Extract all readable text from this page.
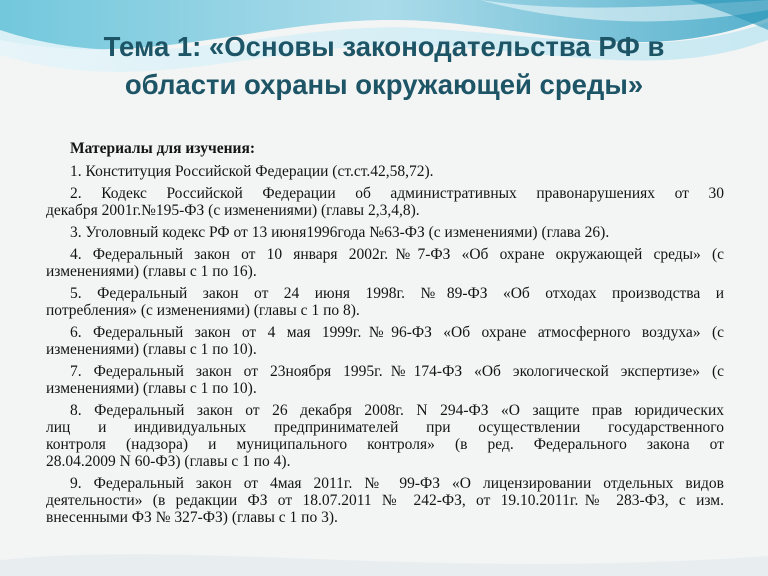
Тема 1: «Основы законодательства РФ в
области охраны окружающей среды»

Материалы для изучения:

1. Конституция Российской Федерации (ст.ст.42,58,72).
2. Кодекс Российской Федерации об административных правонарушениях от 30
декабря 2001г.№195-ФЗ (с изменениями) (главы 2,3,4,8).
3. Уголовный кодекс РФ от 13 июня1996года №63-ФЗ (с изменениями) (глава 26).
4. Федеральный закон от 10 января 2002г.№7-ФЗ «Об охране окружающей среды» (с
изменениями) (главы с 1 по 16).
5. Федеральный закон от 24 июня 1998г. №89-ФЗ «Об отходах производства и
потребления» (с изменениями) (главы с 1 по 8).
6. Федеральный закон от 4 мая 1999г.№96-ФЗ «Об охране атмосферного воздуха» (с
изменениями) (главы с 1 по 10).
7. Федеральный закон от 23ноября 1995г.№174-ФЗ «Об экологической экспертизе» (с
изменениями) (главы с 1 по 10).
8. Федеральный закон от 26 декабря 2008г. N 294-ФЗ «О защите прав юридических
лиц и индивидуальных предпринимателей при осуществлении государственного
контроля (надзора) и муниципального контроля» (в ред. Федерального закона от
28.04.2009 N 60-ФЗ) (главы с 1 по 4).
9. Федеральный закон от 4мая 2011г. № 99-ФЗ «О лицензировании отдельных видов
деятельности» (в редакции ФЗ от 18.07.2011 № 242-ФЗ, от 19.10.2011г.№ 283-ФЗ, с изм.
внесенными ФЗ № 327-ФЗ) (главы с 1 по 3).
